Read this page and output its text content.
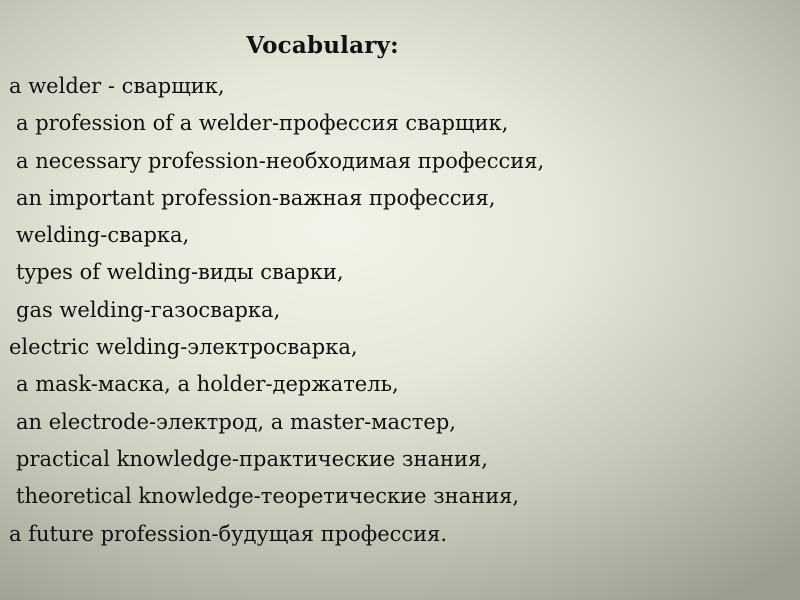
Vocabulary:
a welder - сварщик,
a profession of a welder-профессия сварщик,
a necessary profession-необходимая профессия,
an important profession-важная профессия,
welding-сварка,
types of welding-виды сварки,
gas welding-газосварка,
electric welding-электросварка,
a mask-маска, a holder-держатель,
an electrode-электрод, a master-мастер,
practical knowledge-практические знания,
theoretical knowledge-теоретические знания,
a future profession-будущая профессия.
